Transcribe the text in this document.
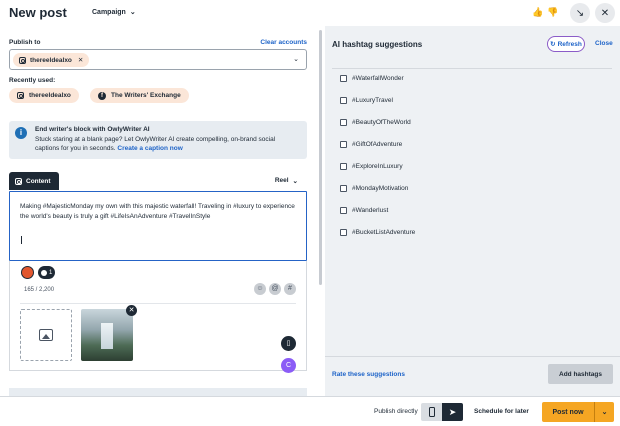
New post	Campaign ⌄	👍 👎 ↘ ✕
Publish to	Clear accounts
thereeldealxo ✕	⌄
Recently used:
thereeldealxo	f	The Writers' Exchange
i	End writer's block with OwlyWriter AI
Stuck staring at a blank page? Let OwlyWriter AI create compelling, on-brand social captions for you in seconds. Create a caption now
Content	Reel ⌄
Making #MajesticMonday my own with this majestic waterfall! Traveling in #luxury to experience the world's beauty is truly a gift #LifeIsAnAdventure #TravelInStyle
1
165 / 2,200	☺	@	#
✕
▯
C
AI hashtag suggestions	↻ Refresh Close
#WaterfallWonder
#LuxuryTravel
#BeautyOfTheWorld
#GiftOfAdventure
#ExploreInLuxury
#MondayMotivation
#Wanderlust
#BucketListAdventure
Rate these suggestions	Add hashtags
Publish directly	➤	Schedule for later	Post now	⌄
